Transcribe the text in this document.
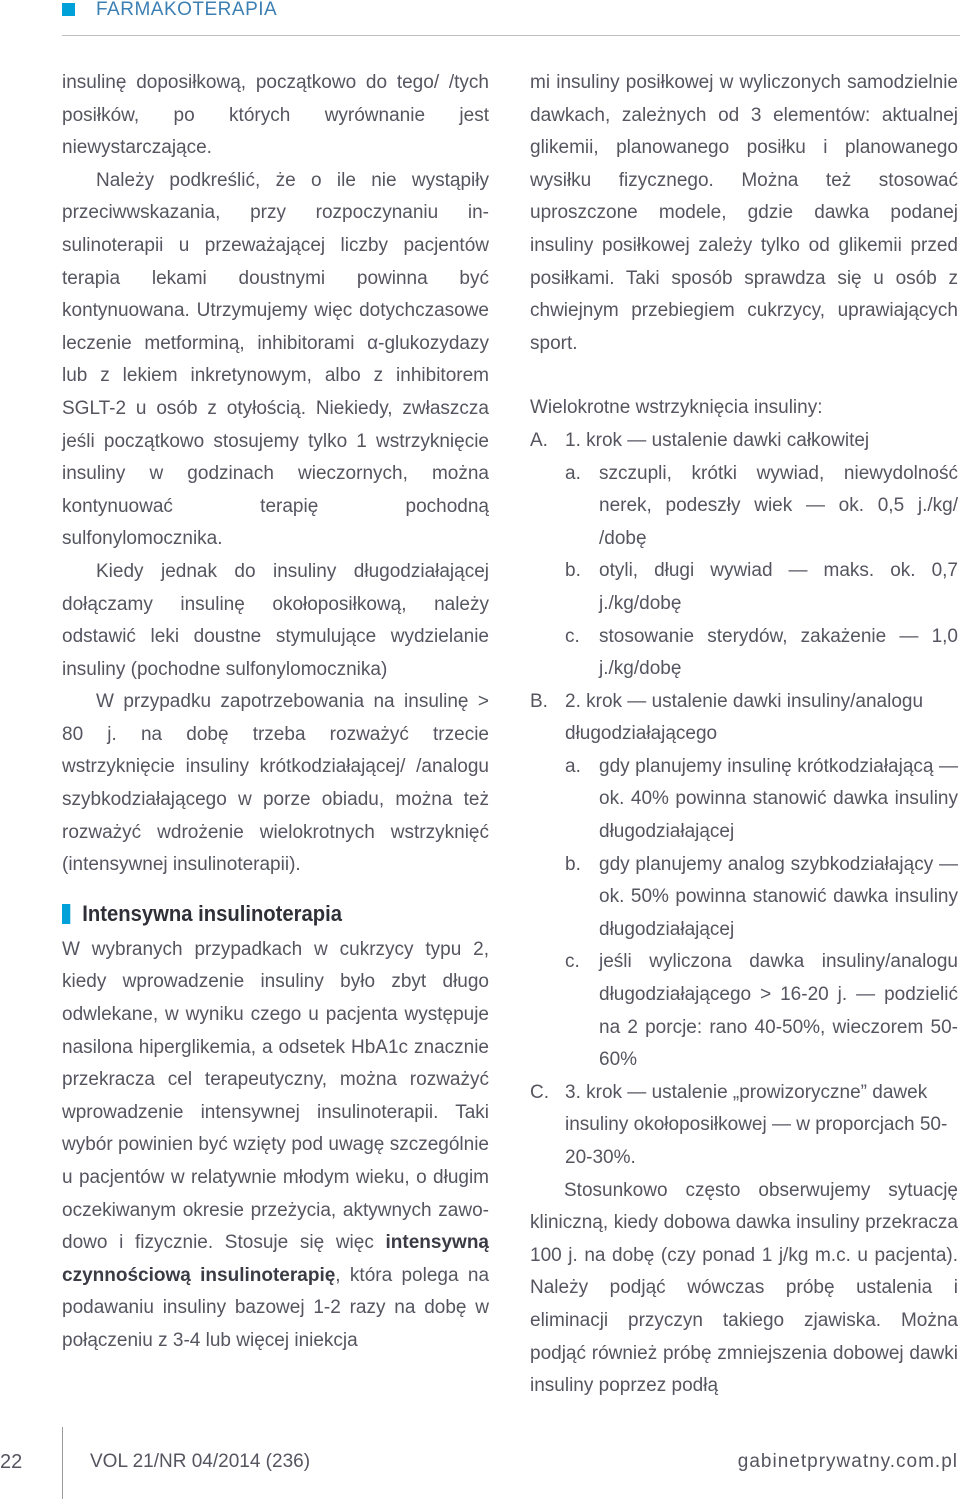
FARMAKOTERAPIA

insulinę doposiłkową, początkowo do tego/ /tych posiłków, po których wyrównanie jest niewystarczające.

Należy podkreślić, że o ile nie wystąpiły przeciwwskazania, przy rozpoczynaniu insulinoterapii u przeważającej liczby pacjentów terapia lekami doustnymi powinna być kontynuowana. Utrzymujemy więc dotychczasowe leczenie metforminą, inhibitorami α-glukozydazy lub z lekiem inkretynowym, albo z inhibitorem SGLT-2 u osób z otyłością. Niekiedy, zwłaszcza jeśli początkowo stosujemy tylko 1 wstrzyknięcie insuliny w godzinach wieczornych, można kontynuować terapię pochodną sulfonylomocznika.

Kiedy jednak do insuliny długodziałającej dołączamy insulinę okołoposiłkową, należy odstawić leki doustne stymulujące wydzielanie insuliny (pochodne sulfonylomocznika)

W przypadku zapotrzebowania na insulinę > 80 j. na dobę trzeba rozważyć trzecie wstrzyknięcie insuliny krótkodziałającej/ /analogu szybkodziałającego w porze obiadu, można też rozważyć wdrożenie wielokrotnych wstrzyknięć (intensywnej insulinoterapii).

Intensywna insulinoterapia

W wybranych przypadkach w cukrzycy typu 2, kiedy wprowadzenie insuliny było zbyt długo odwlekane, w wyniku czego u pacjenta występuje nasilona hiperglikemia, a odsetek HbA1c znacznie przekracza cel terapeutyczny, można rozważyć wprowadzenie intensywnej insulinoterapii. Taki wybór powinien być wzięty pod uwagę szczególnie u pacjentów w relatywnie młodym wieku, o długim oczekiwanym okresie przeżycia, aktywnych zawodowo i fizycznie. Stosuje się więc intensywną czynnościową insulinoterapię, która polega na podawaniu insuliny bazowej 1-2 razy na dobę w połączeniu z 3-4 lub więcej iniekcja

mi insuliny posiłkowej w wyliczonych samodzielnie dawkach, zależnych od 3 elementów: aktualnej glikemii, planowanego posiłku i planowanego wysiłku fizycznego. Można też stosować uproszczone modele, gdzie dawka podanej insuliny posiłkowej zależy tylko od glikemii przed posiłkami. Taki sposób sprawdza się u osób z chwiejnym przebiegiem cukrzycy, uprawiających sport.

Wielokrotne wstrzyknięcia insuliny:

A. 1. krok — ustalenie dawki całkowitej
a. szczupli, krótki wywiad, niewydolność nerek, podeszły wiek — ok. 0,5 j./kg/ /dobę
b. otyli, długi wywiad — maks. ok. 0,7 j./kg/dobę
c.	stosowanie sterydów, zakażenie — 1,0 j./kg/dobę
B. 2. krok — ustalenie dawki insuliny/analogu długodziałającego
a. gdy planujemy insulinę krótkodziałającą — ok. 40% powinna stanowić dawka insuliny długodziałającej
b. gdy planujemy analog szybkodziałający — ok. 50% powinna stanowić dawka insuliny długodziałającej
c.	jeśli wyliczona dawka insuliny/analogu długodziałającego > 16-20 j. — podzielić na 2 porcje: rano 40-50%, wieczorem 50-60%
C. 3. krok — ustalenie „prowizoryczne” dawek insuliny okołoposiłkowej — w proporcjach 50-20-30%.

Stosunkowo często obserwujemy sytuację kliniczną, kiedy dobowa dawka insuliny przekracza 100 j. na dobę (czy ponad 1 j/kg m.c. u pacjenta). Należy podjąć wówczas próbę ustalenia i eliminacji przyczyn takiego zjawiska. Można podjąć również próbę zmniejszenia dobowej dawki insuliny poprzez podłą

22	VOL 21/NR 04/2014 (236)	gabinetprywatny.com.pl
